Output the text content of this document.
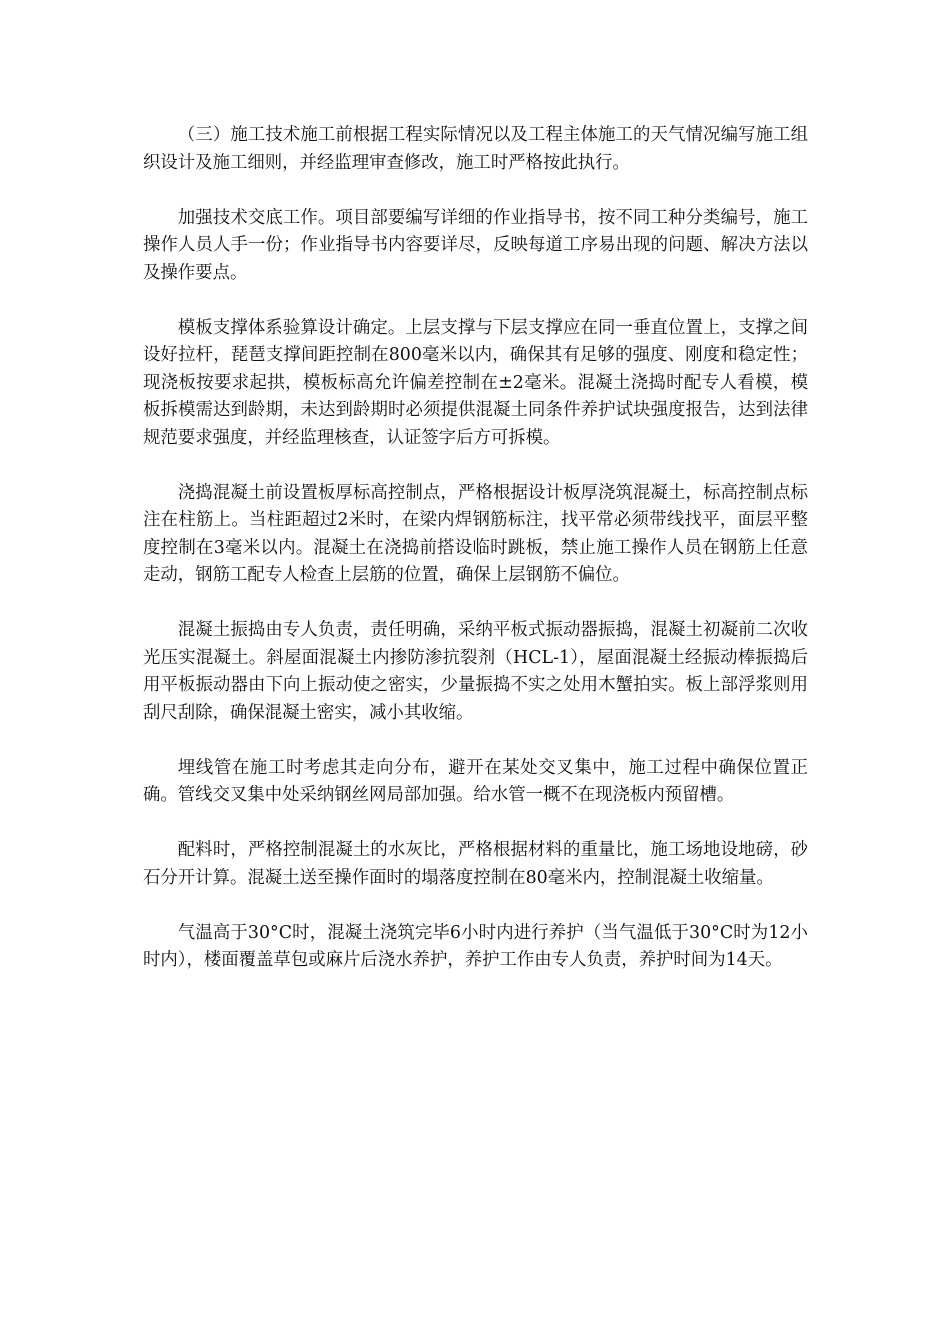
（三）施工技术施工前根据工程实际情况以及工程主体施工的天气情况编写施工组织设计及施工细则，并经监理审查修改，施工时严格按此执行。

加强技术交底工作。项目部要编写详细的作业指导书，按不同工种分类编号，施工操作人员人手一份；作业指导书内容要详尽，反映每道工序易出现的问题、解决方法以及操作要点。

模板支撑体系验算设计确定。上层支撑与下层支撑应在同一垂直位置上，支撑之间设好拉杆，琵琶支撑间距控制在800毫米以内，确保其有足够的强度、刚度和稳定性；现浇板按要求起拱，模板标高允许偏差控制在±2毫米。混凝土浇捣时配专人看模，模板拆模需达到龄期，未达到龄期时必须提供混凝土同条件养护试块强度报告，达到法律规范要求强度，并经监理核查，认证签字后方可拆模。

浇捣混凝土前设置板厚标高控制点，严格根据设计板厚浇筑混凝土，标高控制点标注在柱筋上。当柱距超过2米时，在梁内焊钢筋标注，找平常必须带线找平，面层平整度控制在3毫米以内。混凝土在浇捣前搭设临时跳板，禁止施工操作人员在钢筋上任意走动，钢筋工配专人检查上层筋的位置，确保上层钢筋不偏位。

混凝土振捣由专人负责，责任明确，采纳平板式振动器振捣，混凝土初凝前二次收光压实混凝土。斜屋面混凝土内掺防渗抗裂剂（HCL-1），屋面混凝土经振动棒振捣后用平板振动器由下向上振动使之密实，少量振捣不实之处用木蟹拍实。板上部浮浆则用刮尺刮除，确保混凝土密实，减小其收缩。

埋线管在施工时考虑其走向分布，避开在某处交叉集中，施工过程中确保位置正确。管线交叉集中处采纳钢丝网局部加强。给水管一概不在现浇板内预留槽。

配料时，严格控制混凝土的水灰比，严格根据材料的重量比，施工场地设地磅，砂石分开计算。混凝土送至操作面时的塌落度控制在80毫米内，控制混凝土收缩量。

气温高于30°C时，混凝土浇筑完毕6小时内进行养护（当气温低于30°C时为12小时内），楼面覆盖草包或麻片后浇水养护，养护工作由专人负责，养护时间为14天。
